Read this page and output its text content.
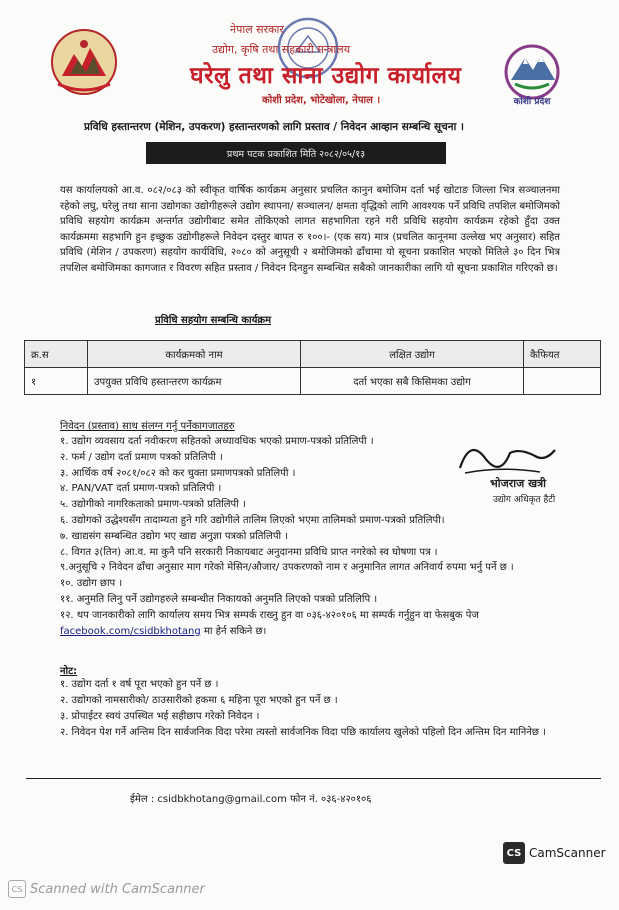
कोशी प्रदेश
नेपाल सरकार
उद्योग, कृषि तथा सहकारी मन्त्रालय
घरेलु तथा साना उद्योग कार्यालय
कोशी प्रदेश, भोटेखोला, नेपाल ।
प्रविधि हस्तान्तरण (मेशिन, उपकरण) हस्तान्तरणको लागि प्रस्ताव / निवेदन आव्हान सम्बन्धि सूचना ।
प्रथम पटक प्रकाशित मिति २०८२/०५/१३
यस कार्यालयको आ.व. ०८२/०८३ को स्वीकृत वार्षिक कार्यक्रम अनुसार प्रचलित कानुन बमोजिम दर्ता भई खोटाङ जिल्ला भित्र सञ्चालनमा रहेको लघु, घरेलु तथा साना उद्योगका उद्योगीहरूले उद्योग स्थापना/ सञ्चालन/ क्षमता वृद्धिको लागि आवश्यक पर्ने प्रविधि तपशिल बमोजिमको प्रविधि सहयोग कार्यक्रम अन्तर्गत उद्योगीबाट समेत तोकिएको लागत सहभागिता रहने गरी प्रविधि सहयोग कार्यक्रम रहेको हुँदा उक्त कार्यक्रममा सहभागि हुन इच्छुक उद्योगीहरूले निवेदन दस्तुर बापत रु १००।- (एक सय) मात्र (प्रचलित कानूनमा उल्लेख भए अनुसार) सहित प्रविधि (मेशिन / उपकरण) सहयोग कार्यविधि, २०८० को अनुसूची २ बमोजिमको ढाँचामा यो सूचना प्रकाशित भएको मितिले ३० दिन भित्र तपशिल बमोजिमका कागजात र विवरण सहित प्रस्ताव / निवेदन दिनहुन सम्बन्धित सबैको जानकारीका लागि यो सूचना प्रकाशित गरिएको छ।
प्रविधि सहयोग सम्बन्धि कार्यक्रम
क्र.स	कार्यक्रमको नाम	लक्षित उद्योग	कैफियत
१	उपयुक्त प्रविधि हस्तान्तरण कार्यक्रम	दर्ता भएका सबै किसिमका उद्योग	
निवेदन (प्रस्ताव) साथ संलग्न गर्नु पर्नेकागजातहरु
१. उद्योग व्यवसाय दर्ता नवीकरण सहितको अध्यावधिक भएको प्रमाण-पत्रको प्रतिलिपी ।
२. फर्म / उद्योग दर्ता प्रमाण पत्रको प्रतिलिपी ।
३. आर्थिक वर्ष २०८१/०८२ को कर चुक्ता प्रमाणपत्रको प्रतिलिपी ।
४. PAN/VAT दर्ता प्रमाण-पत्रको प्रतिलिपी ।
५. उद्योगीको नागरिकताको प्रमाण-पत्रको प्रतिलिपी ।
६. उद्योगको उद्धेश्यसँग तादाम्यता हुने गरि उद्योगीले तालिम लिएको भएमा तालिमको प्रमाण-पत्रको प्रतिलिपी।
७. खाद्यसंग सम्बन्धित उद्योग भए खाद्य अनुज्ञा पत्रको प्रतिलिपी ।
८. विगत ३(तिन) आ.व. मा कुनै पनि सरकारी निकायबाट अनुदानमा प्रविधि प्राप्त नगरेको स्व घोषणा पत्र ।
९.अनुसूचि २ निवेदन ढाँचा अनुसार माग गरेको मेसिन/औजार/ उपकरणको नाम र अनुमानित लागत अनिवार्य रुपमा भर्नु पर्ने छ ।
१०. उद्योग छाप ।
११. अनुमति लिनु पर्ने उद्योगहरुले सम्बन्धीत निकायको अनुमति लिएको पत्रको प्रतिलिपि ।
१२. थप जानकारीको लागि कार्यालय समय भित्र सम्पर्क राख्नु हुन वा ०३६-४२०१०६ मा सम्पर्क गर्नुहुन वा फेसबुक पेज facebook.com/csidbkhotang मा हेर्न सकिने छ।
भोजराज खत्री
उद्योग अधिकृत हैटी
नोट:
१. उद्योग दर्ता १ वर्ष पूरा भएको हुन पर्ने छ ।
२. उद्योगको नामसारीको/ ठाउसारीको हकमा ६ महिना पूरा भएको हुन पर्ने छ ।
३. प्रोपाईटर स्वयं उपस्थित भई सहीछाप गरेको निवेदन ।
२. निवेदन पेश गर्ने अन्तिम दिन सार्वजनिक विदा परेमा त्यस्तो सार्वजनिक विदा पछि कार्यालय खुलेको पहिलो दिन अन्तिम दिन मानिनेछ ।
ईमेल : csidbkhotang@gmail.com फोन नं. ०३६-४२०१०६
CS CamScanner
CS Scanned with CamScanner
